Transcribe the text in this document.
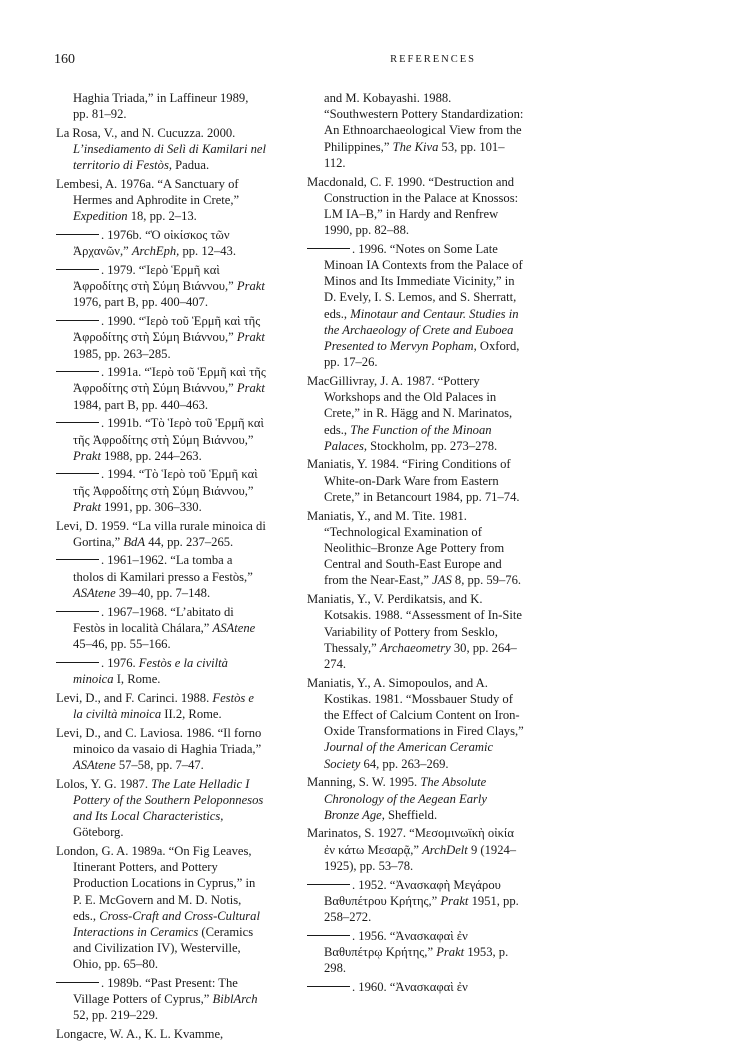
160	REFERENCES

Haghia Triada,” in Laffineur 1989, pp. 81–92.

La Rosa, V., and N. Cucuzza. 2000. L’insediamento di Selì di Kamilari nel territorio di Festòs, Padua.

Lembesi, A. 1976a. “A Sanctuary of Hermes and Aphrodite in Crete,” Expedition 18, pp. 2–13.

. 1976b. “Ὁ οἰκίσκος τῶν Ἀρχανῶν,” ArchEph, pp. 12–43.

. 1979. “Ἱερὸ Ἑρμῆ καὶ Ἀφροδίτης στὴ Σύμη Βιάννου,” Prakt 1976, part B, pp. 400–407.

. 1990. “Ἱερὸ τοῦ Ἑρμῆ καὶ τῆς Ἀφροδίτης στὴ Σύμη Βιάννου,” Prakt 1985, pp. 263–285.

. 1991a. “Ἱερὸ τοῦ Ἑρμῆ καὶ τῆς Ἀφροδίτης στὴ Σύμη Βιάννου,” Prakt 1984, part B, pp. 440–463.

. 1991b. “Τὸ Ἱερὸ τοῦ Ἑρμῆ καὶ τῆς Ἀφροδίτης στὴ Σύμη Βιάννου,” Prakt 1988, pp. 244–263.

. 1994. “Τὸ Ἱερὸ τοῦ Ἑρμῆ καὶ τῆς Ἀφροδίτης στὴ Σύμη Βιάννου,” Prakt 1991, pp. 306–330.

Levi, D. 1959. “La villa rurale minoica di Gortina,” BdA 44, pp. 237–265.

. 1961–1962. “La tomba a tholos di Kamilari presso a Festòs,” ASAtene 39–40, pp. 7–148.

. 1967–1968. “L’abitato di Festòs in località Chálara,” ASAtene 45–46, pp. 55–166.

. 1976. Festòs e la civiltà minoica I, Rome.

Levi, D., and F. Carinci. 1988. Festòs e la civiltà minoica II.2, Rome.

Levi, D., and C. Laviosa. 1986. “Il forno minoico da vasaio di Haghia Triada,” ASAtene 57–58, pp. 7–47.

Lolos, Y. G. 1987. The Late Helladic I Pottery of the Southern Peloponnesos and Its Local Characteristics, Göteborg.

London, G. A. 1989a. “On Fig Leaves, Itinerant Potters, and Pottery Production Locations in Cyprus,” in P. E. McGovern and M. D. Notis, eds., Cross-Craft and Cross-Cultural Interactions in Ceramics (Ceramics and Civilization IV), Westerville, Ohio, pp. 65–80.

. 1989b. “Past Present: The Village Potters of Cyprus,” BiblArch 52, pp. 219–229.

Longacre, W. A., K. L. Kvamme,

and M. Kobayashi. 1988. “Southwestern Pottery Standardization: An Ethnoarchaeological View from the Philippines,” The Kiva 53, pp. 101–112.

Macdonald, C. F. 1990. “Destruction and Construction in the Palace at Knossos: LM IA–B,” in Hardy and Renfrew 1990, pp. 82–88.

. 1996. “Notes on Some Late Minoan IA Contexts from the Palace of Minos and Its Immediate Vicinity,” in D. Evely, I. S. Lemos, and S. Sherratt, eds., Minotaur and Centaur. Studies in the Archaeology of Crete and Euboea Presented to Mervyn Popham, Oxford, pp. 17–26.

MacGillivray, J. A. 1987. “Pottery Workshops and the Old Palaces in Crete,” in R. Hägg and N. Marinatos, eds., The Function of the Minoan Palaces, Stockholm, pp. 273–278.

Maniatis, Y. 1984. “Firing Conditions of White-on-Dark Ware from Eastern Crete,” in Betancourt 1984, pp. 71–74.

Maniatis, Y., and M. Tite. 1981. “Technological Examination of Neolithic–Bronze Age Pottery from Central and South-East Europe and from the Near-East,” JAS 8, pp. 59–76.

Maniatis, Y., V. Perdikatsis, and K. Kotsakis. 1988. “Assessment of In-Site Variability of Pottery from Sesklo, Thessaly,” Archaeometry 30, pp. 264–274.

Maniatis, Y., A. Simopoulos, and A. Kostikas. 1981. “Mossbauer Study of the Effect of Calcium Content on Iron-Oxide Transformations in Fired Clays,” Journal of the American Ceramic Society 64, pp. 263–269.

Manning, S. W. 1995. The Absolute Chronology of the Aegean Early Bronze Age, Sheffield.

Marinatos, S. 1927. “Μεσομινωϊκὴ οἰκία ἐν κάτω Μεσαρᾷ,” ArchDelt 9 (1924–1925), pp. 53–78.

. 1952. “Ἀνασκαφὴ Μεγάρου Βαθυπέτρου Κρήτης,” Prakt 1951, pp. 258–272.

. 1956. “Ἀνασκαφαὶ ἐν Βαθυπέτρῳ Κρήτης,” Prakt 1953, p. 298.

. 1960. “Ἀνασκαφαὶ ἐν
